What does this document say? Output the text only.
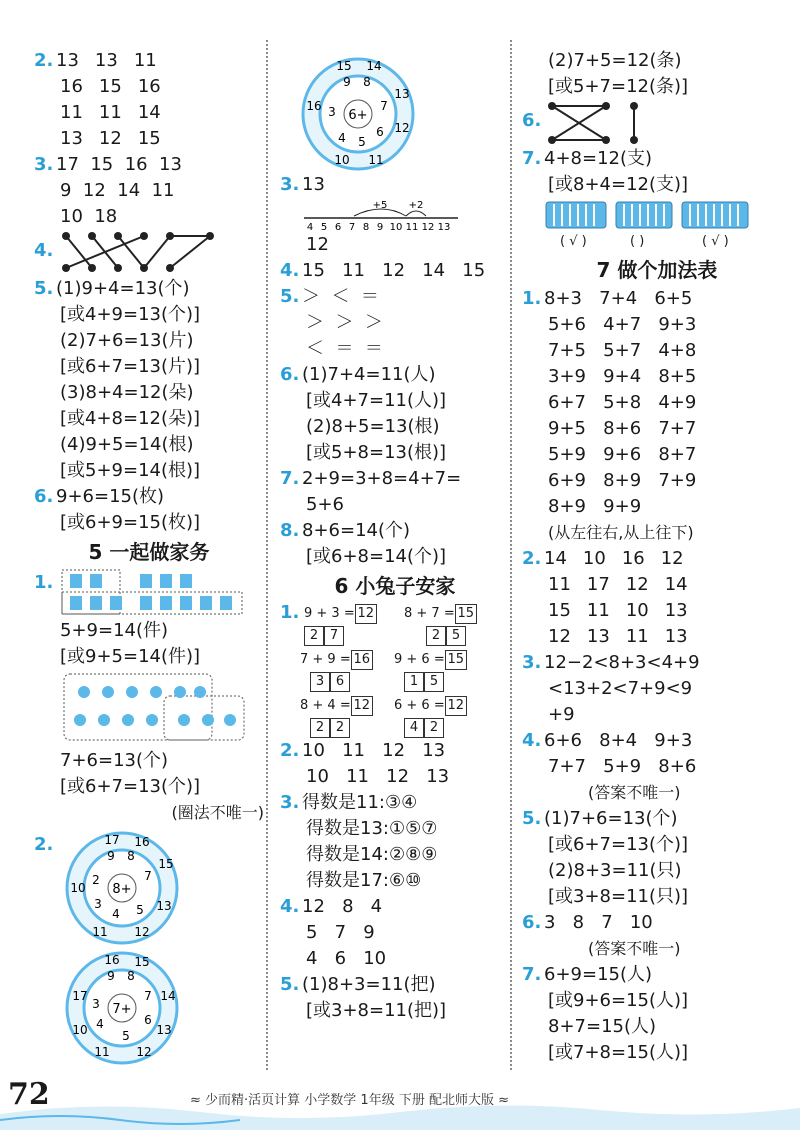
2. 13 13 11
16 15 16
11 11 14
13 12 15
3. 17  15  16  13
9  12  14  11
10  18
4.
5. (1)9+4=13(个)
[或4+9=13(个)]
(2)7+6=13(片)
[或6+7=13(片)]
(3)8+4=12(朵)
[或4+8=12(朵)]
(4)9+5=14(根)
[或5+9=14(根)]
6. 9+6=15(枚)
[或6+9=15(枚)]
5 一起做家务
1.
5+9=14(件)
[或9+5=14(件)]
7+6=13(个)
[或6+7=13(个)]
(圈法不唯一)
2.
8+
9 8
7
5
4
3
2
17 16
15
13
12
11
10
7+
9 8
7
6
5
4
3
16 15
14
13
12
11
10
17
6+
9 8
7
6
5
4
3
15 14
13
12
11
10
16
3. 13
+5 +2
4 5 6 7 8 9 10 11 12 13
12
4. 15   11   12   14   15
5. ＞  ＜  ＝
＞  ＞  ＞
＜  ＝  ＝
6. (1)7+4=11(人)
[或4+7=11(人)]
(2)8+5=13(根)
[或5+8=13(根)]
7. 2+9=3+8=4+7=
5+6
8. 8+6=14(个)
[或6+8=14(个)]
6 小兔子安家
1. 9 + 3 = 12
2 7
8 + 7 = 15
2 5
7 + 9 = 16
3 6
9 + 6 = 15
1 5
8 + 4 = 12
2 2
6 + 6 = 12
4 2
2. 10   11   12   13
10   11   12   13
3. 得数是11:③④
得数是13:①⑤⑦
得数是14:②⑧⑨
得数是17:⑥⑩
4. 12   8   4
5   7   9
4   6   10
5. (1)8+3=11(把)
[或3+8=11(把)]
(2)7+5=12(条)
[或5+7=12(条)]
6.
7. 4+8=12(支)
[或8+4=12(支)]
( √ )	( )	( √ )
7 做个加法表
1. 8+3 7+4 6+5
5+6 4+7 9+3
7+5 5+7 4+8
3+9 9+4 8+5
6+7 5+8 4+9
9+5 8+6 7+7
5+9 9+6 8+7
6+9 8+9 7+9
8+9 9+9
(从左往右,从上往下)
2. 14 10 16 12
11 17 12 14
15 11 10 13
12 13 11 13
3. 12−2<8+3<4+9
<13+2<7+9<9
+9
4. 6+6   8+4   9+3
7+7   5+9   8+6
(答案不唯一)
5. (1)7+6=13(个)
[或6+7=13(个)]
(2)8+3=11(只)
[或3+8=11(只)]
6. 3   8   7   10
(答案不唯一)
7. 6+9=15(人)
[或9+6=15(人)]
8+7=15(人)
[或7+8=15(人)]
72	≈ 少而精·活页计算 小学数学 1年级 下册 配北师大版 ≈
